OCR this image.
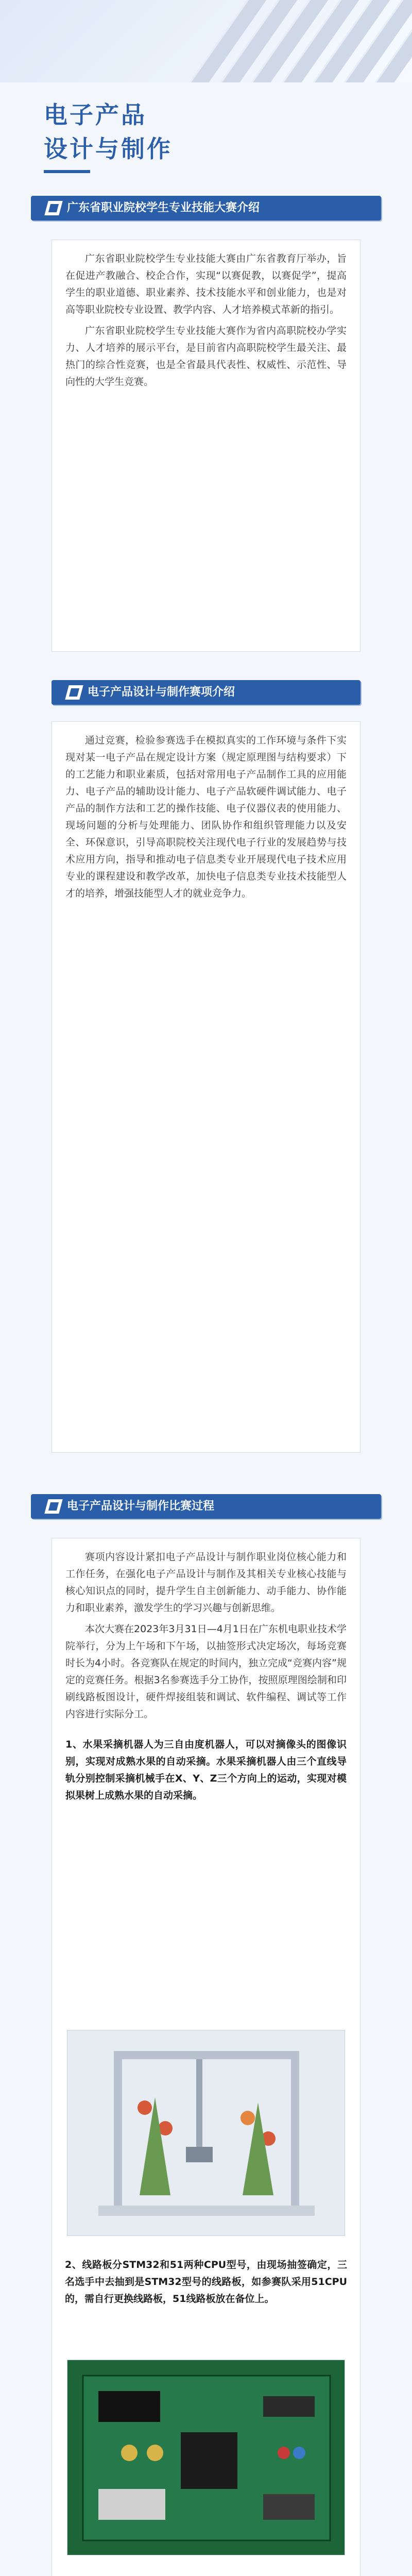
电子产品
设计与制作
广东省职业院校学生专业技能大赛介绍

广东省职业院校学生专业技能大赛由广东省教育厅举办，旨在促进产教融合、校企合作，实现“以赛促教，以赛促学”，提高学生的职业道德、职业素养、技术技能水平和创业能力，也是对高等职业院校专业设置、教学内容、人才培养模式革新的指引。

广东省职业院校学生专业技能大赛作为省内高职院校办学实力、人才培养的展示平台，是目前省内高职院校学生最关注、最热门的综合性竞赛，也是全省最具代表性、权威性、示范性、导向性的大学生竞赛。

电子产品设计与制作赛项介绍

通过竞赛，检验参赛选手在模拟真实的工作环境与条件下实现对某一电子产品在规定设计方案（规定原理图与结构要求）下的工艺能力和职业素质，包括对常用电子产品制作工具的应用能力、电子产品的辅助设计能力、电子产品软硬件调试能力、电子产品的制作方法和工艺的操作技能、电子仪器仪表的使用能力、现场问题的分析与处理能力、团队协作和组织管理能力以及安全、环保意识，引导高职院校关注现代电子行业的发展趋势与技术应用方向，指导和推动电子信息类专业开展现代电子技术应用专业的课程建设和教学改革，加快电子信息类专业技术技能型人才的培养，增强技能型人才的就业竞争力。

电子产品设计与制作比赛过程

赛项内容设计紧扣电子产品设计与制作职业岗位核心能力和工作任务，在强化电子产品设计与制作及其相关专业核心技能与核心知识点的同时，提升学生自主创新能力、动手能力、协作能力和职业素养，激发学生的学习兴趣与创新思维。

本次大赛在2023年3月31日—4月1日在广东机电职业技术学院举行，分为上午场和下午场，以抽签形式决定场次，每场竞赛时长为4小时。各竞赛队在规定的时间内，独立完成“竞赛内容”规定的竞赛任务。根据3名参赛选手分工协作，按照原理图绘制和印刷线路板图设计，硬件焊接组装和调试、软件编程、调试等工作内容进行实际分工。

1、水果采摘机器人为三自由度机器人，可以对摘像头的图像识别，实现对成熟水果的自动采摘。水果采摘机器人由三个直线导轨分别控制采摘机械手在X、Y、Z三个方向上的运动，实现对模拟果树上成熟水果的自动采摘。

2、线路板分STM32和51两种CPU型号，由现场抽签确定，三名选手中去抽到是STM32型号的线路板，如参赛队采用51CPU的，需自行更换线路板，51线路板放在备位上。
